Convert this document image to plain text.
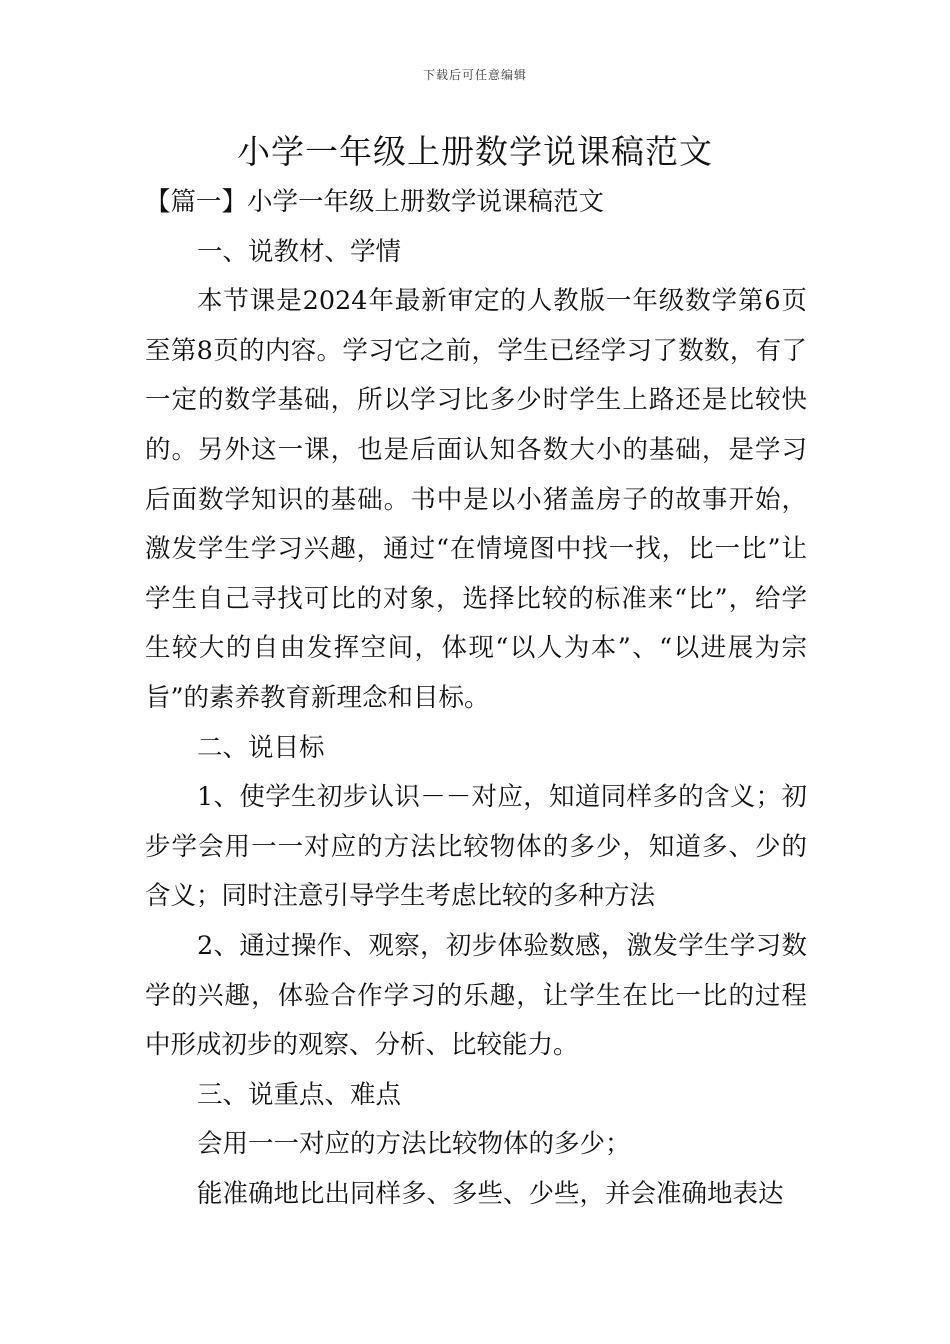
下载后可任意编辑
小学一年级上册数学说课稿范文

【篇一】小学一年级上册数学说课稿范文

一、说教材、学情

本节课是2024年最新审定的人教版一年级数学第6页至第8页的内容。学习它之前，学生已经学习了数数，有了一定的数学基础，所以学习比多少时学生上路还是比较快的。另外这一课，也是后面认知各数大小的基础，是学习后面数学知识的基础。书中是以小猪盖房子的故事开始，激发学生学习兴趣，通过“在情境图中找一找，比一比”让学生自己寻找可比的对象，选择比较的标准来“比”，给学生较大的自由发挥空间，体现“以人为本”、“以进展为宗旨”的素养教育新理念和目标。

二、说目标

1、使学生初步认识－－对应，知道同样多的含义；初步学会用一一对应的方法比较物体的多少，知道多、少的含义；同时注意引导学生考虑比较的多种方法

2、通过操作、观察，初步体验数感，激发学生学习数学的兴趣，体验合作学习的乐趣，让学生在比一比的过程中形成初步的观察、分析、比较能力。

三、说重点、难点

会用一一对应的方法比较物体的多少；

能准确地比出同样多、多些、少些，并会准确地表达
